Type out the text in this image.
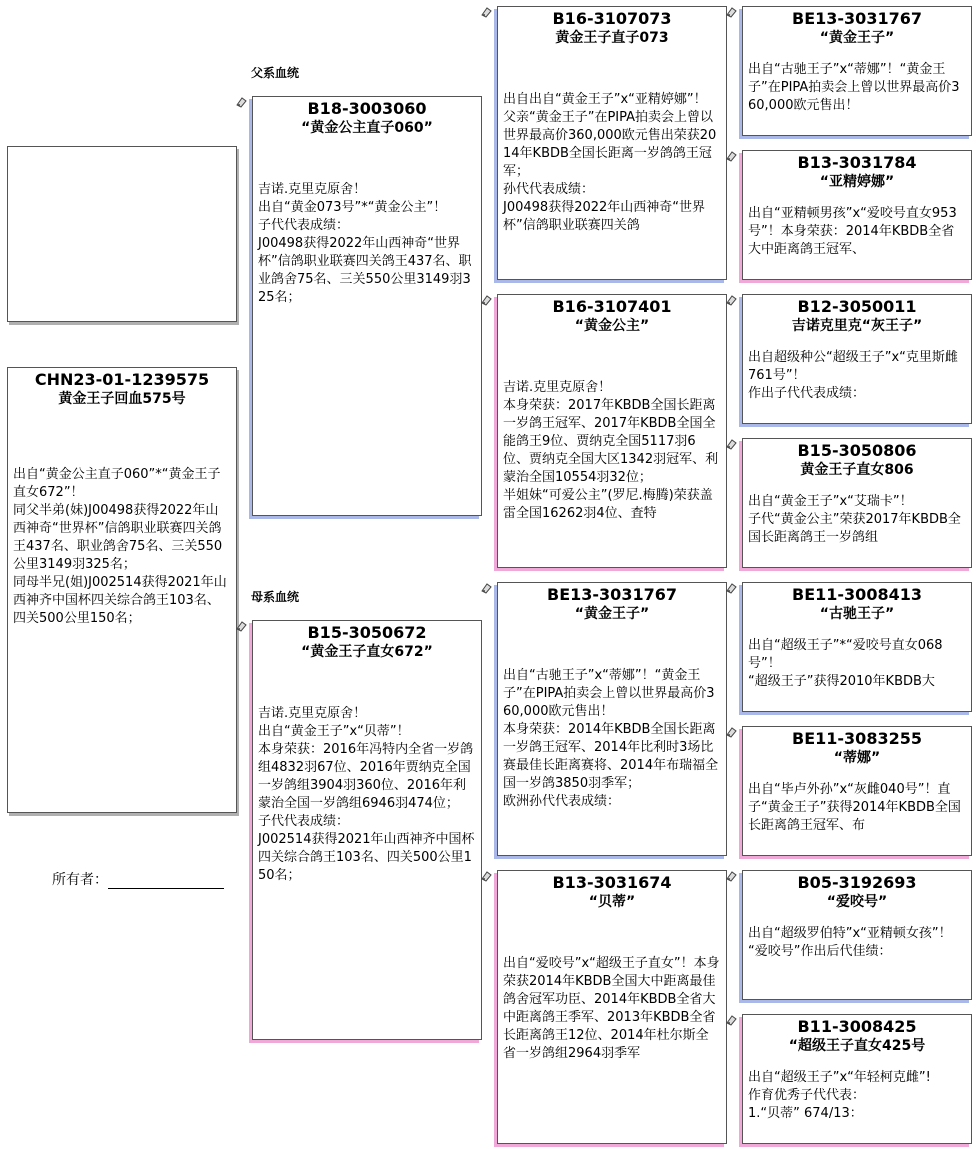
CHN23-01-1239575
黄金王子回血575号
出自“黄金公主直子060”*“黄金王子直女672”！
同父半弟(妹)J00498获得2022年山西神奇“世界杯”信鸽职业联赛四关鸽王437名、职业鸽舍75名、三关550公里3149羽325名；
同母半兄(姐)J002514获得2021年山西神齐中国杯四关综合鸽王103名、四关500公里150名；
所有者：
父系血统
母系血统
B18-3003060
“黄金公主直子060”
吉诺.克里克原舍！
出自“黄金073号”*“黄金公主”！
子代代表成绩：
J00498获得2022年山西神奇“世界杯”信鸽职业联赛四关鸽王437名、职业鸽舍75名、三关550公里3149羽325名；
B15-3050672
“黄金王子直女672”
吉诺.克里克原舍！
出自“黄金王子”x“贝蒂”！
本身荣获：2016年冯特内全省一岁鸽组4832羽67位、2016年贾纳克全国一岁鸽组3904羽360位、2016年利蒙治全国一岁鸽组6946羽474位；
子代代表成绩：
J002514获得2021年山西神齐中国杯四关综合鸽王103名、四关500公里150名；
B16-3107073
黄金王子直子073
出自出自“黄金王子”x“亚精婷娜”！
父亲“黄金王子”在PIPA拍卖会上曾以世界最高价360,000欧元售出荣获2014年KBDB全国长距离一岁鸽鸽王冠军；
孙代代表成绩：
J00498获得2022年山西神奇“世界杯”信鸽职业联赛四关鸽
B16-3107401
“黄金公主”
吉诺.克里克原舍！
本身荣获：2017年KBDB全国长距离一岁鸽王冠军、2017年KBDB全国全能鸽王9位、贾纳克全国5117羽6位、贾纳克全国大区1342羽冠军、利蒙治全国10554羽32位；
半姐妹“可爱公主”(罗尼.梅腾)荣获盖雷全国16262羽4位、査特
BE13-3031767
“黄金王子”
出自“古驰王子”x“蒂娜”！“黄金王子”在PIPA拍卖会上曾以世界最高价360,000欧元售出！
本身荣获：2014年KBDB全国长距离一岁鸽王冠军、2014年比利时3场比赛最佳长距离赛将、2014年布瑞福全国一岁鸽3850羽季军；
欧洲孙代代表成绩：
B13-3031674
“贝蒂”
出自“爱咬号”x“超级王子直女”！本身荣获2014年KBDB全国大中距离最佳鸽舍冠军功臣、2014年KBDB全省大中距离鸽王季军、2013年KBDB全省长距离鸽王12位、2014年杜尔斯全省一岁鸽组2964羽季军
BE13-3031767
“黄金王子”
出自“古驰王子”x“蒂娜”！“黄金王子”在PIPA拍卖会上曾以世界最高价360,000欧元售出！
B13-3031784
“亚精婷娜”
出自“亚精顿男孩”x“爱咬号直女953号”！本身荣获：2014年KBDB全省大中距离鸽王冠军、
B12-3050011
吉诺克里克“灰王子”
出自超级种公“超级王子”x“克里斯雌761号”！
作出子代代表成绩：
B15-3050806
黄金王子直女806
出自“黄金王子”x“艾瑞卡”！
子代“黄金公主”荣获2017年KBDB全国长距离鸽王一岁鸽组
BE11-3008413
“古驰王子”
出自“超级王子”*“爱咬号直女068号”！
“超级王子”获得2010年KBDB大
BE11-3083255
“蒂娜”
出自“毕卢外孙”x“灰雌040号”！直子“黄金王子”获得2014年KBDB全国长距离鸽王冠军、布
B05-3192693
“爱咬号”
出自“超级罗伯特”x“亚精顿女孩”！
“爱咬号”作出后代佳绩：
B11-3008425
“超级王子直女425号
出自“超级王子”x“年轻柯克雌”!
作育优秀子代代表：
1.“贝蒂” 674/13：
